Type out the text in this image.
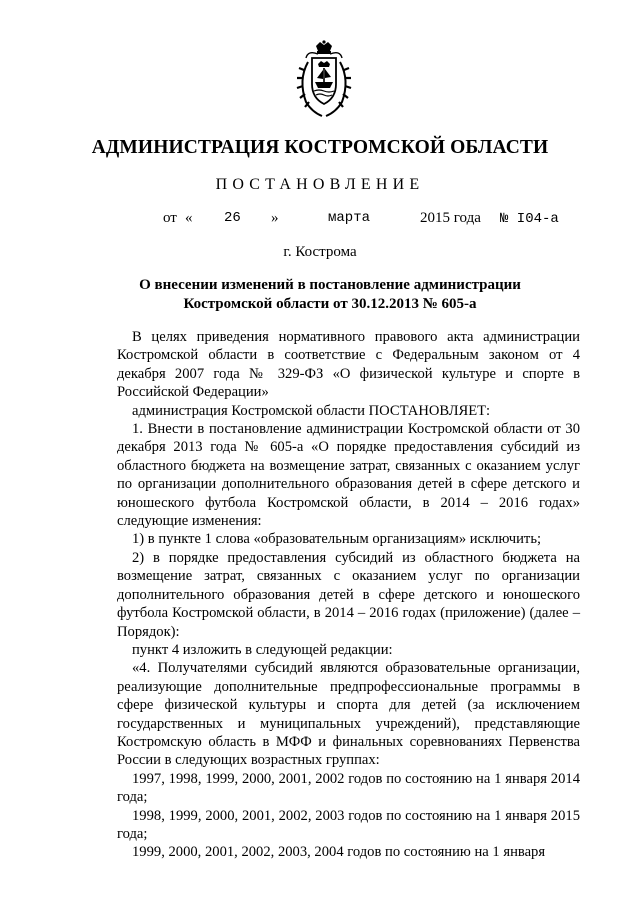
АДМИНИСТРАЦИЯ КОСТРОМСКОЙ ОБЛАСТИ
ПОСТАНОВЛЕНИЕ
от « 26 »	марта	2015 года № I04-а
г. Кострома
О внесении изменений в постановление администрации
Костромской области от 30.12.2013 № 605-а

В целях приведения нормативного правового акта администрации Костромской области в соответствие с Федеральным законом от 4 декабря 2007 года № 329-ФЗ «О физической культуре и спорте в Российской Федерации»

администрация Костромской области ПОСТАНОВЛЯЕТ:

1. Внести в постановление администрации Костромской области от 30 декабря 2013 года № 605-а «О порядке предоставления субсидий из областного бюджета на возмещение затрат, связанных с оказанием услуг по организации дополнительного образования детей в сфере детского и юношеского футбола Костромской области, в 2014 – 2016 годах» следующие изменения:

1) в пункте 1 слова «образовательным организациям» исключить;

2) в порядке предоставления субсидий из областного бюджета на возмещение затрат, связанных с оказанием услуг по организации дополнительного образования детей в сфере детского и юношеского футбола Костромской области, в 2014 – 2016 годах (приложение) (далее – Порядок):

пункт 4 изложить в следующей редакции:

«4. Получателями субсидий являются образовательные организации, реализующие дополнительные предпрофессиональные программы в сфере физической культуры и спорта для детей (за исключением государственных и муниципальных учреждений), представляющие Костромскую область в МФФ и финальных соревнованиях Первенства России в следующих возрастных группах:

1997, 1998, 1999, 2000, 2001, 2002 годов по состоянию на 1 января 2014 года;

1998, 1999, 2000, 2001, 2002, 2003 годов по состоянию на 1 января 2015 года;

1999, 2000, 2001, 2002, 2003, 2004 годов по состоянию на 1 января
